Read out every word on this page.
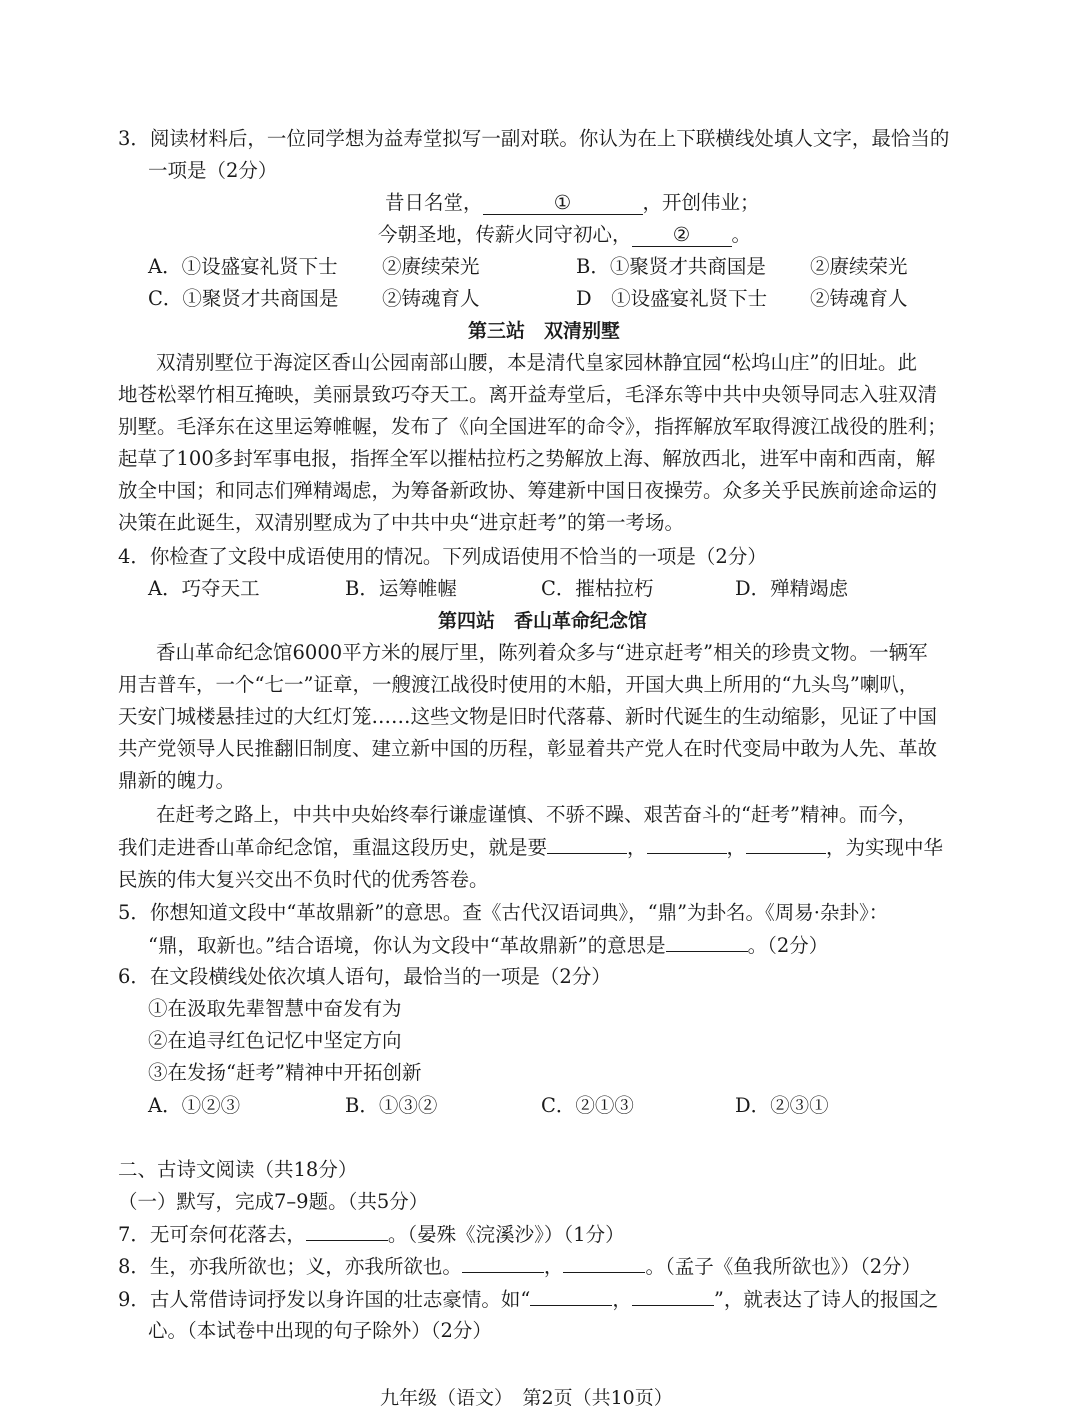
3．阅读材料后，一位同学想为益寿堂拟写一副对联。你认为在上下联横线处填人文字，最恰当的
一项是（2分）
昔日名堂，	①	，开创伟业；
今朝圣地，传薪火同守初心， ② 。
A．①设盛宴礼贤下士 ②赓续荣光	B．①聚贤才共商国是 ②赓续荣光
C．①聚贤才共商国是 ②铸魂育人	D　 ①设盛宴礼贤下士 ②铸魂育人
第三站　双清别墅
双清别墅位于海淀区香山公园南部山腰，本是清代皇家园林静宜园“松坞山庄”的旧址。此
地苍松翠竹相互掩映，美丽景致巧夺天工。离开益寿堂后，毛泽东等中共中央领导同志入驻双清
别墅。毛泽东在这里运筹帷幄，发布了《向全国进军的命令》，指挥解放军取得渡江战役的胜利；
起草了100多封军事电报，指挥全军以摧枯拉朽之势解放上海、解放西北，进军中南和西南，解
放全中国；和同志们殚精竭虑，为筹备新政协、筹建新中国日夜操劳。众多关乎民族前途命运的
决策在此诞生，双清别墅成为了中共中央“进京赶考”的第一考场。
4．你检查了文段中成语使用的情况。下列成语使用不恰当的一项是（2分）
A．巧夺天工	B．运筹帷幄	C．摧枯拉朽	D．殚精竭虑
第四站　香山革命纪念馆
香山革命纪念馆6000平方米的展厅里，陈列着众多与“进京赶考”相关的珍贵文物。一辆军
用吉普车，一个“七一”证章，一艘渡江战役时使用的木船，开国大典上所用的“九头鸟”喇叭，
天安门城楼悬挂过的大红灯笼……这些文物是旧时代落幕、新时代诞生的生动缩影，见证了中国
共产党领导人民推翻旧制度、建立新中国的历程，彰显着共产党人在时代变局中敢为人先、革故
鼎新的魄力。
在赶考之路上，中共中央始终奉行谦虚谨慎、不骄不躁、艰苦奋斗的“赶考”精神。而今，
我们走进香山革命纪念馆，重温这段历史，就是要	，	，	，为实现中华
民族的伟大复兴交出不负时代的优秀答卷。
5．你想知道文段中“革故鼎新”的意思。查《古代汉语词典》，“鼎”为卦名。《周易·杂卦》：
“鼎，取新也。”结合语境，你认为文段中“革故鼎新”的意思是	。（2分）
6．在文段横线处依次填人语句，最恰当的一项是（2分）
①在汲取先辈智慧中奋发有为
②在追寻红色记忆中坚定方向
③在发扬“赶考”精神中开拓创新
A．①②③	B．①③②	C．②①③	D．②③①
二、古诗文阅读（共18分）
（一）默写，完成7–9题。（共5分）
7．无可奈何花落去，	。（晏殊《浣溪沙》）（1分）
8．生，亦我所欲也；义，亦我所欲也。	，	。（孟子《鱼我所欲也》）（2分）
9．古人常借诗词抒发以身许国的壮志豪情。如“	，	”，就表达了诗人的报国之
心。（本试卷中出现的句子除外）（2分）
九年级（语文）　第2页（共10页）
